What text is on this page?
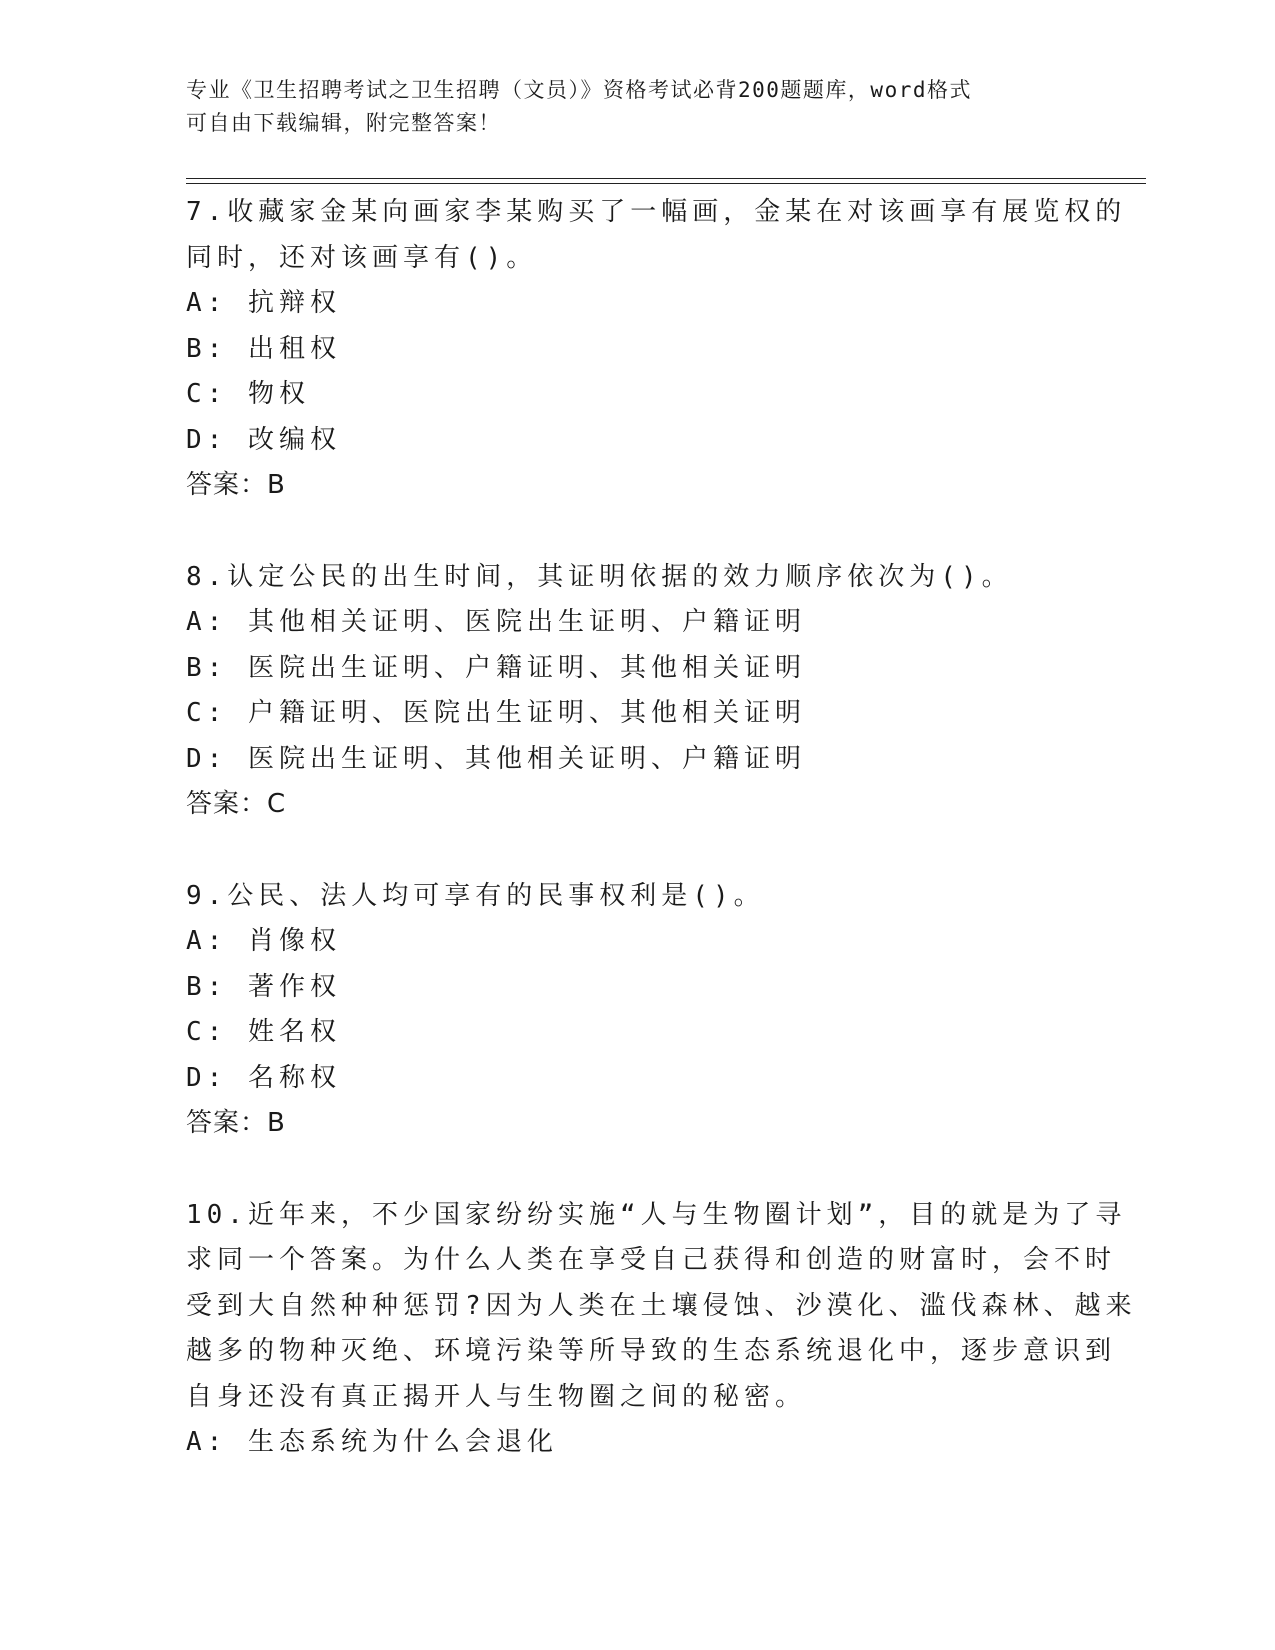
专业《卫生招聘考试之卫生招聘（文员）》资格考试必背200题题库，word格式
可自由下载编辑，附完整答案！
7.收藏家金某向画家李某购买了一幅画，金某在对该画享有展览权的
同时，还对该画享有()。
A: 抗辩权
B: 出租权
C: 物权
D: 改编权
答案：B
8.认定公民的出生时间，其证明依据的效力顺序依次为()。
A: 其他相关证明、医院出生证明、户籍证明
B: 医院出生证明、户籍证明、其他相关证明
C: 户籍证明、医院出生证明、其他相关证明
D: 医院出生证明、其他相关证明、户籍证明
答案：C
9.公民、法人均可享有的民事权利是()。
A: 肖像权
B: 著作权
C: 姓名权
D: 名称权
答案：B
10.近年来，不少国家纷纷实施“人与生物圈计划”，目的就是为了寻
求同一个答案。为什么人类在享受自己获得和创造的财富时，会不时
受到大自然种种惩罚?因为人类在土壤侵蚀、沙漠化、滥伐森林、越来
越多的物种灭绝、环境污染等所导致的生态系统退化中，逐步意识到
自身还没有真正揭开人与生物圈之间的秘密。
A: 生态系统为什么会退化
